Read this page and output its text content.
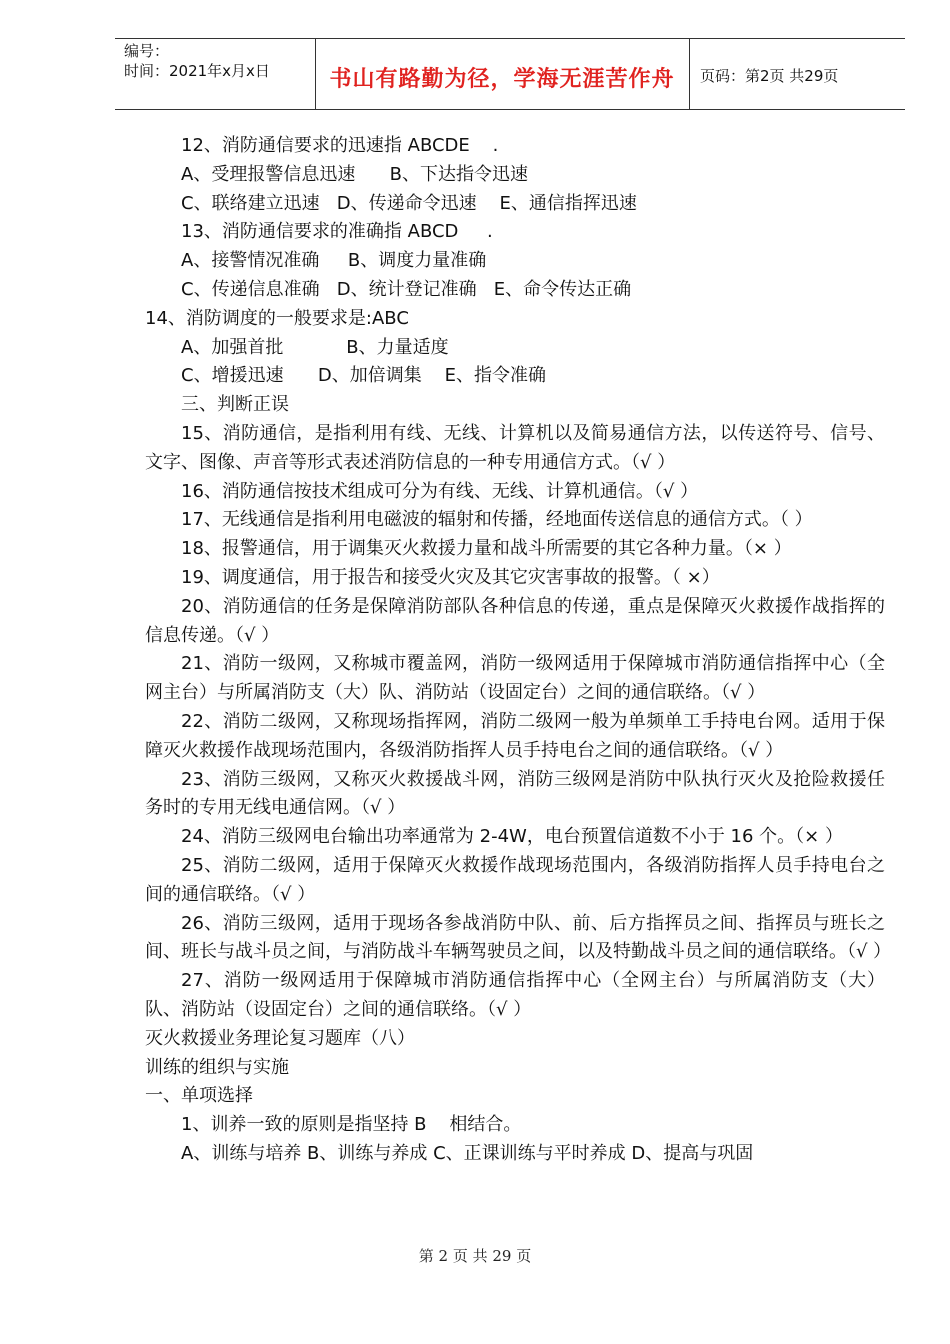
编号：
时间：2021年x月x日	书山有路勤为径，学海无涯苦作舟	页码：第2页 共29页
12、消防通信要求的迅速指 ABCDE    .
A、受理报警信息迅速      B、下达指令迅速
C、联络建立迅速   D、传递命令迅速    E、通信指挥迅速
13、消防通信要求的准确指 ABCD     .
A、接警情况准确     B、调度力量准确
C、传递信息准确   D、统计登记准确   E、命令传达正确
14、消防调度的一般要求是:ABC
A、加强首批           B、力量适度
C、增援迅速      D、加倍调集    E、指令准确
三、判断正误
15、消防通信，是指利用有线、无线、计算机以及简易通信方法，以传送符号、信号、文字、图像、声音等形式表述消防信息的一种专用通信方式。（√ ）
16、消防通信按技术组成可分为有线、无线、计算机通信。（√ ）
17、无线通信是指利用电磁波的辐射和传播，经地面传送信息的通信方式。（ ）
18、报警通信，用于调集灭火救援力量和战斗所需要的其它各种力量。（× ）
19、调度通信，用于报告和接受火灾及其它灾害事故的报警。（ ×）
20、消防通信的任务是保障消防部队各种信息的传递，重点是保障灭火救援作战指挥的信息传递。（√ ）
21、消防一级网，又称城市覆盖网，消防一级网适用于保障城市消防通信指挥中心（全网主台）与所属消防支（大）队、消防站（设固定台）之间的通信联络。（√ ）
22、消防二级网，又称现场指挥网，消防二级网一般为单频单工手持电台网。适用于保障灭火救援作战现场范围内，各级消防指挥人员手持电台之间的通信联络。（√ ）
23、消防三级网，又称灭火救援战斗网，消防三级网是消防中队执行灭火及抢险救援任务时的专用无线电通信网。（√ ）
24、消防三级网电台输出功率通常为 2-4W，电台预置信道数不小于 16 个。（× ）
25、消防二级网，适用于保障灭火救援作战现场范围内，各级消防指挥人员手持电台之间的通信联络。（√ ）
26、消防三级网，适用于现场各参战消防中队、前、后方指挥员之间、指挥员与班长之间、班长与战斗员之间，与消防战斗车辆驾驶员之间，以及特勤战斗员之间的通信联络。（√ ）
27、消防一级网适用于保障城市消防通信指挥中心（全网主台）与所属消防支（大）队、消防站（设固定台）之间的通信联络。（√ ）
灭火救援业务理论复习题库（八）
训练的组织与实施
一、单项选择
1、训养一致的原则是指坚持 B    相结合。
A、训练与培养 B、训练与养成 C、正课训练与平时养成 D、提高与巩固
第 2 页 共 29 页
